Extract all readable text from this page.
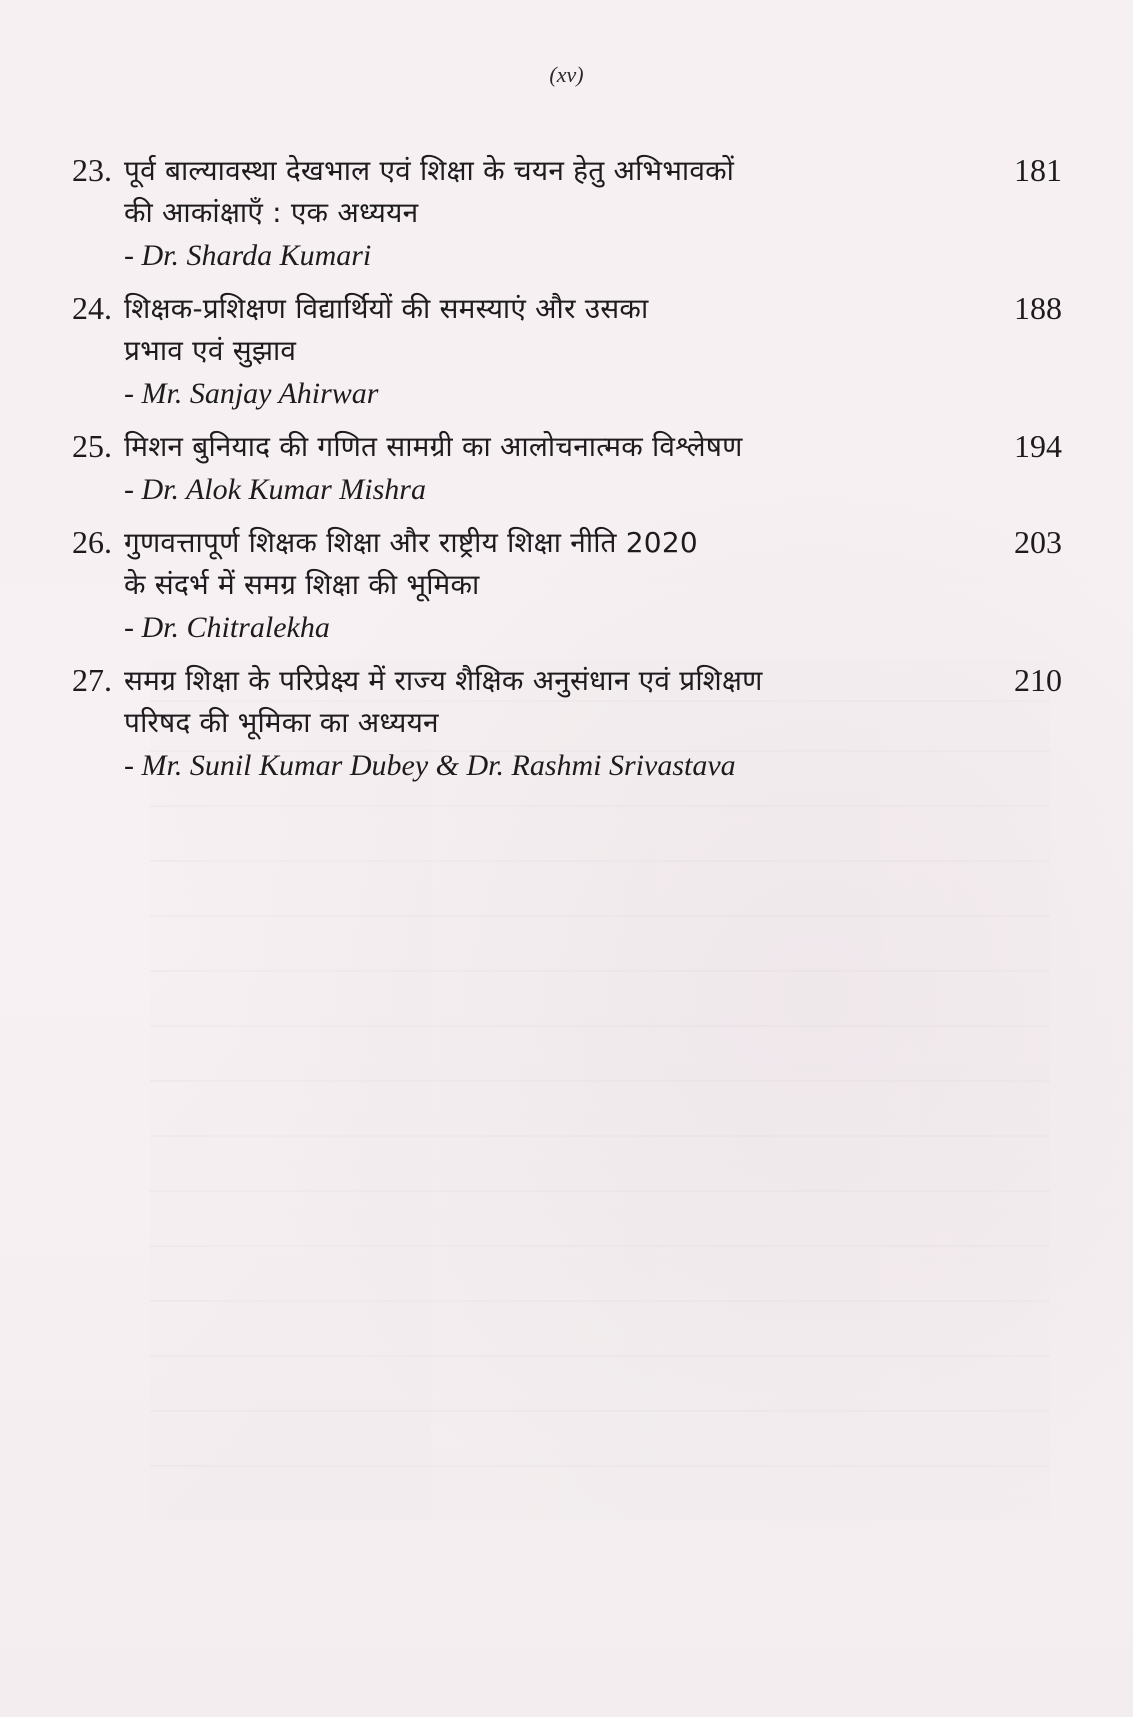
(xv)
23. पूर्व बाल्यावस्था देखभाल एवं शिक्षा के चयन हेतु अभिभावकों
की आकांक्षाएँ : एक अध्ययन
181
- Dr. Sharda Kumari
24. शिक्षक-प्रशिक्षण विद्यार्थियों की समस्याएं और उसका
प्रभाव एवं सुझाव
188
- Mr. Sanjay Ahirwar
25. मिशन बुनियाद की गणित सामग्री का आलोचनात्मक विश्लेषण	194
- Dr. Alok Kumar Mishra
26. गुणवत्तापूर्ण शिक्षक शिक्षा और राष्ट्रीय शिक्षा नीति 2020
के संदर्भ में समग्र शिक्षा की भूमिका
203
- Dr. Chitralekha
27. समग्र शिक्षा के परिप्रेक्ष्य में राज्य शैक्षिक अनुसंधान एवं प्रशिक्षण
परिषद की भूमिका का अध्ययन
210
- Mr. Sunil Kumar Dubey & Dr. Rashmi Srivastava
